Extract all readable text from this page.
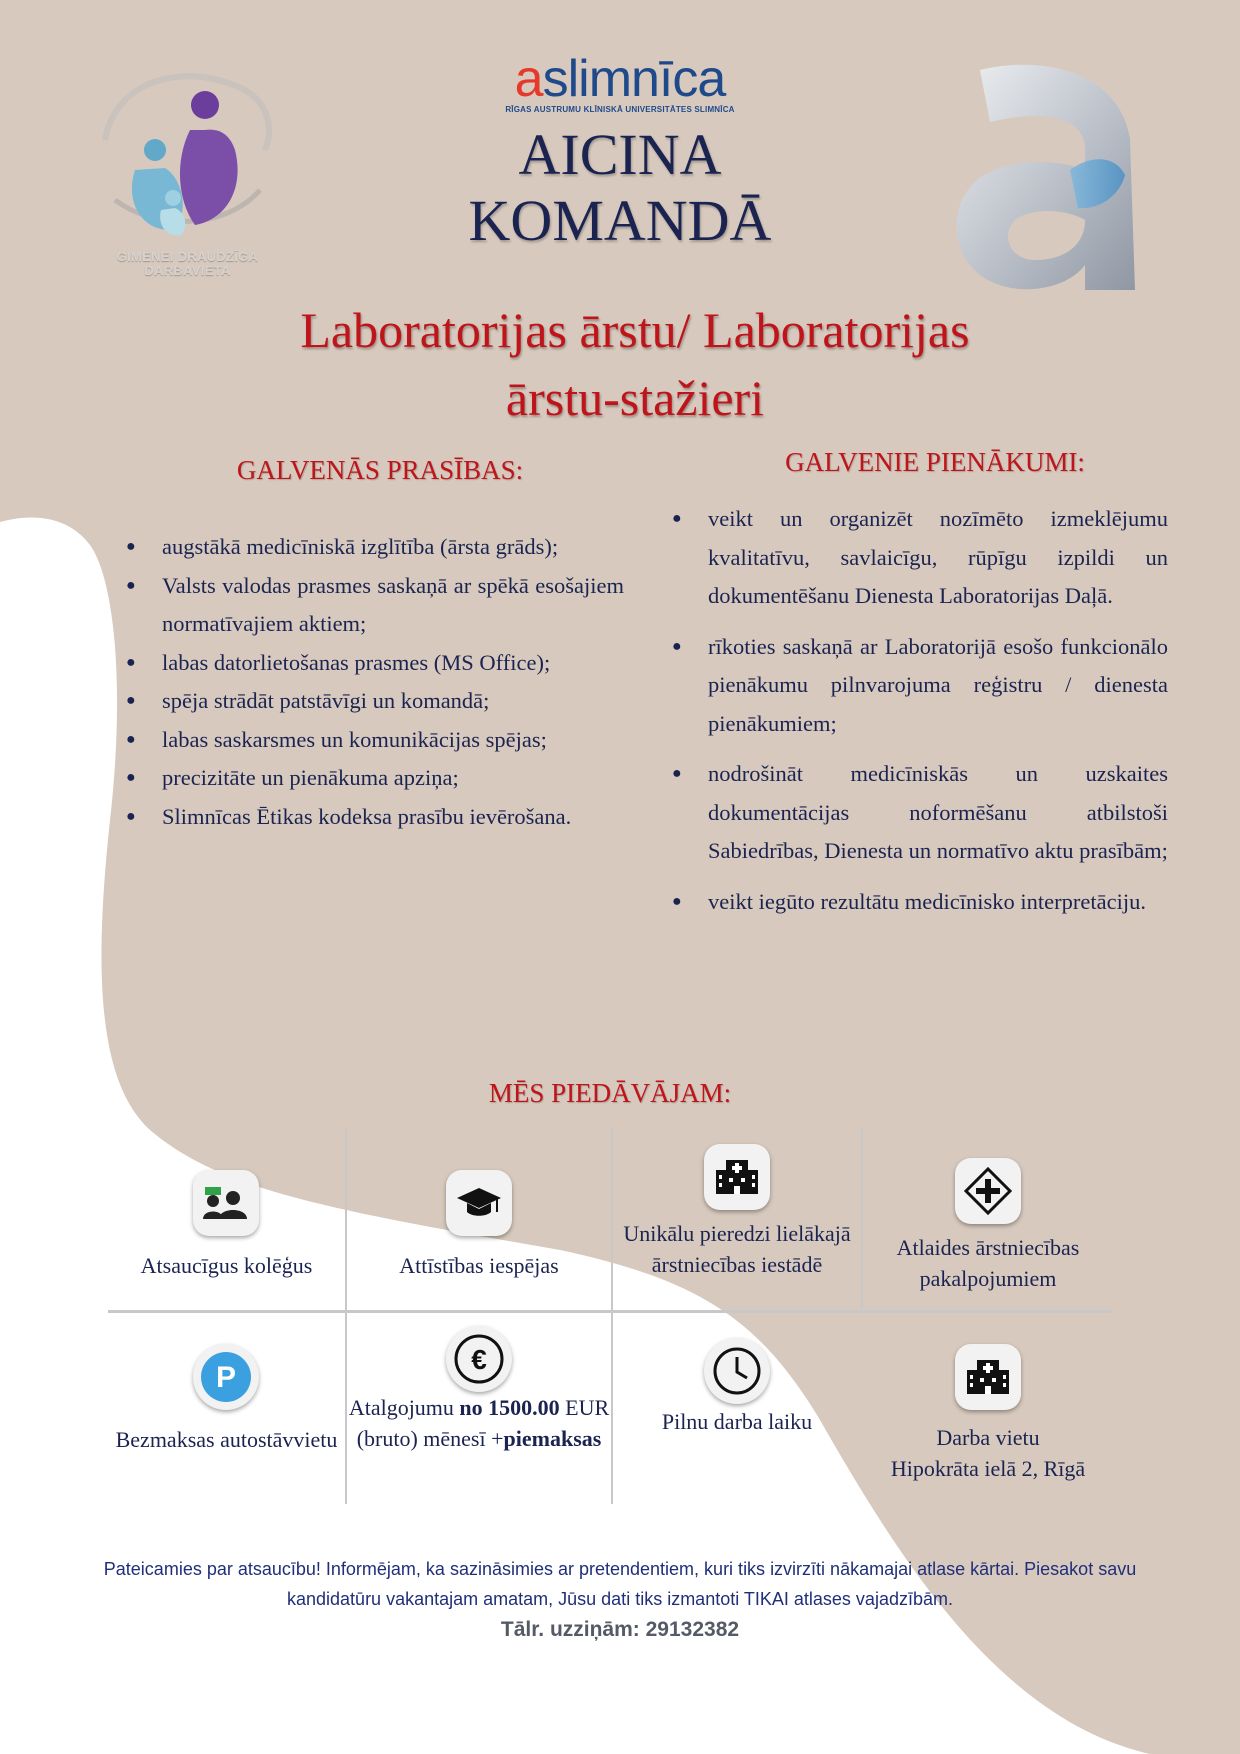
GIMENEI DRAUDZĪGA DARBAVIETA
aslimnīca
RĪGAS AUSTRUMU KLĪNISKĀ UNIVERSITĀTES SLIMNĪCA
AICINA
KOMANDĀ
Laboratorijas ārstu/ Laboratorijas
ārstu-stažieri
GALVENĀS PRASĪBAS:
● augstākā medicīniskā izglītība (ārsta grāds);
● Valsts valodas prasmes saskaņā ar spēkā esošajiem normatīvajiem aktiem;
● labas datorlietošanas prasmes (MS Office);
● spēja strādāt patstāvīgi un komandā;
● labas saskarsmes un komunikācijas spējas;
● precizitāte un pienākuma apziņa;
● Slimnīcas Ētikas kodeksa prasību ievērošana.
GALVENIE PIENĀKUMI:
● veikt un organizēt nozīmēto izmeklējumu kvalitatīvu, savlaicīgu, rūpīgu izpildi un dokumentēšanu Dienesta Laboratorijas Daļā.
● rīkoties saskaņā ar Laboratorijā esošo funkcionālo pienākumu pilnvarojuma reģistru / dienesta pienākumiem;
● nodrošināt medicīniskās un uzskaites dokumentācijas noformēšanu atbilstoši Sabiedrības, Dienesta un normatīvo aktu prasībām;
● veikt iegūto rezultātu medicīnisko interpretāciju.
MĒS PIEDĀVĀJAM:
Atsaucīgus kolēģus	Attīstības iespējas
Unikālu pieredzi lielākajā ārstniecības iestādē
Atlaides ārstniecības pakalpojumiem
P
Bezmaksas autostāvvietu
€
Atalgojumu no 1500.00 EUR (bruto) mēnesī +piemaksas
Pilnu darba laiku
Darba vietu
Hipokrāta ielā 2, Rīgā
Pateicamies par atsaucību! Informējam, ka sazināsimies ar pretendentiem, kuri tiks izvirzīti nākamajai atlase kārtai. Piesakot savu kandidatūru vakantajam amatam, Jūsu dati tiks izmantoti TIKAI atlases vajadzībām.
Tālr. uzziņām: 29132382
